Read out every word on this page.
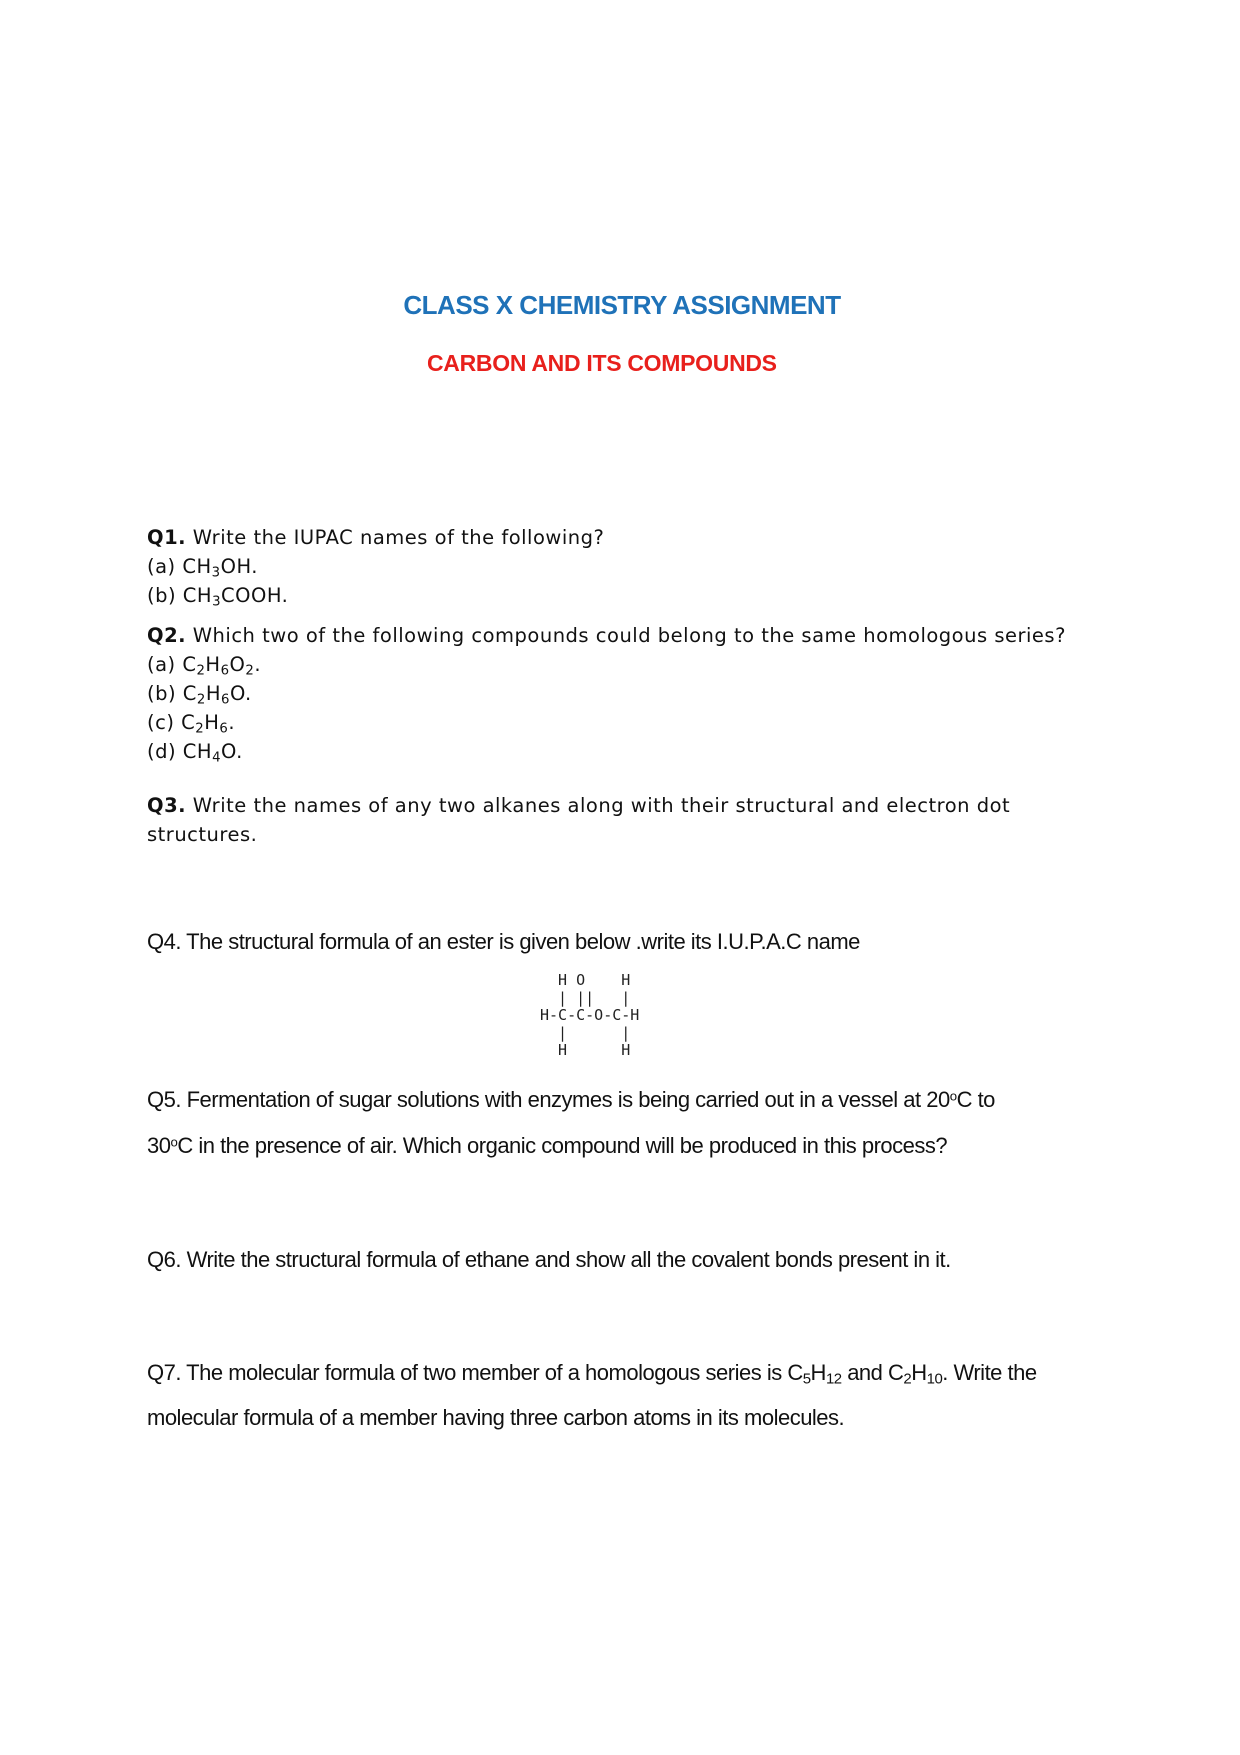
CLASS X CHEMISTRY ASSIGNMENT
CARBON AND ITS COMPOUNDS
Q1. Write the IUPAC names of the following?
(a) $CH_3OH$.
(b) $CH_3COOH$.
Q2. Which two of the following compounds could belong to the same homologous series?
(a) $C_2H_6O_2$.
(b) $C_2H_6O$.
(c) $C_2H_6$.
(d) $CH_4O$.
Q3. Write the names of any two alkanes along with their structural and electron dot
structures.
Q4. The structural formula of an ester is given below .write its I.U.P.A.C name
H O    H
| ||   |
H-C-C-O-C-H
|      |
H      H
Q5. Fermentation of sugar solutions with enzymes is being carried out in a vessel at 20$^o$C to
30$^o$C in the presence of air. Which organic compound will be produced in this process?
Q6. Write the structural formula of ethane and show all the covalent bonds present in it.
Q7. The molecular formula of two member of a homologous series is $C_5H_{12}$ and $C_2H_{10}$. Write the
molecular formula of a member having three carbon atoms in its molecules.
